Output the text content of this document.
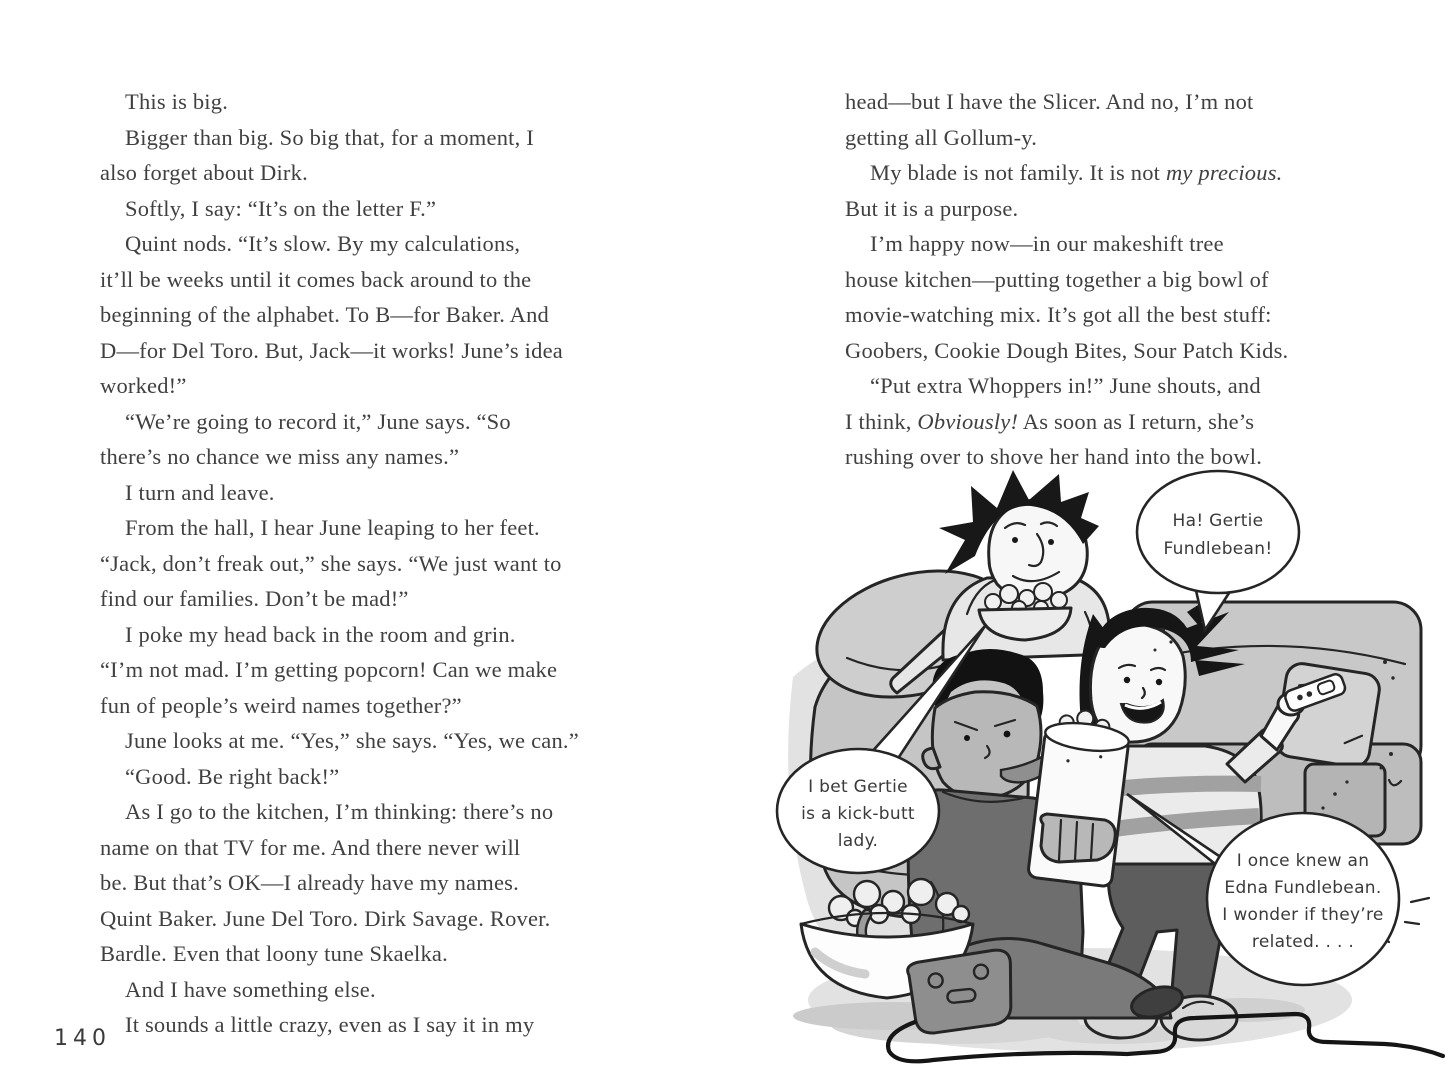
This is big.
Bigger than big. So big that, for a moment, I
also forget about Dirk.
Softly, I say: “It’s on the letter F.”
Quint nods. “It’s slow. By my calculations,
it’ll be weeks until it comes back around to the
beginning of the alphabet. To B—for Baker. And
D—for Del Toro. But, Jack—it works! June’s idea
worked!”
“We’re going to record it,” June says. “So
there’s no chance we miss any names.”
I turn and leave.
From the hall, I hear June leaping to her feet.
“Jack, don’t freak out,” she says. “We just want to
find our families. Don’t be mad!”
I poke my head back in the room and grin.
“I’m not mad. I’m getting popcorn! Can we make
fun of people’s weird names together?”
June looks at me. “Yes,” she says. “Yes, we can.”
“Good. Be right back!”
As I go to the kitchen, I’m thinking: there’s no
name on that TV for me. And there never will
be. But that’s OK—I already have my names.
Quint Baker. June Del Toro. Dirk Savage. Rover.
Bardle. Even that loony tune Skaelka.
And I have something else.
It sounds a little crazy, even as I say it in my
head—but I have the Slicer. And no, I’m not
getting all Gollum-y.
My blade is not family. It is not my precious.
But it is a purpose.
I’m happy now—in our makeshift tree
house kitchen—putting together a big bowl of
movie-watching mix. It’s got all the best stuff:
Goobers, Cookie Dough Bites, Sour Patch Kids.
“Put extra Whoppers in!” June shouts, and
I think, Obviously! As soon as I return, she’s
rushing over to shove her hand into the bowl.
140
I bet Gertie
is a kick-butt
lady.
Ha! Gertie
Fundlebean!
I once knew an
Edna Fundlebean.
I wonder if they’re
related. . . .
